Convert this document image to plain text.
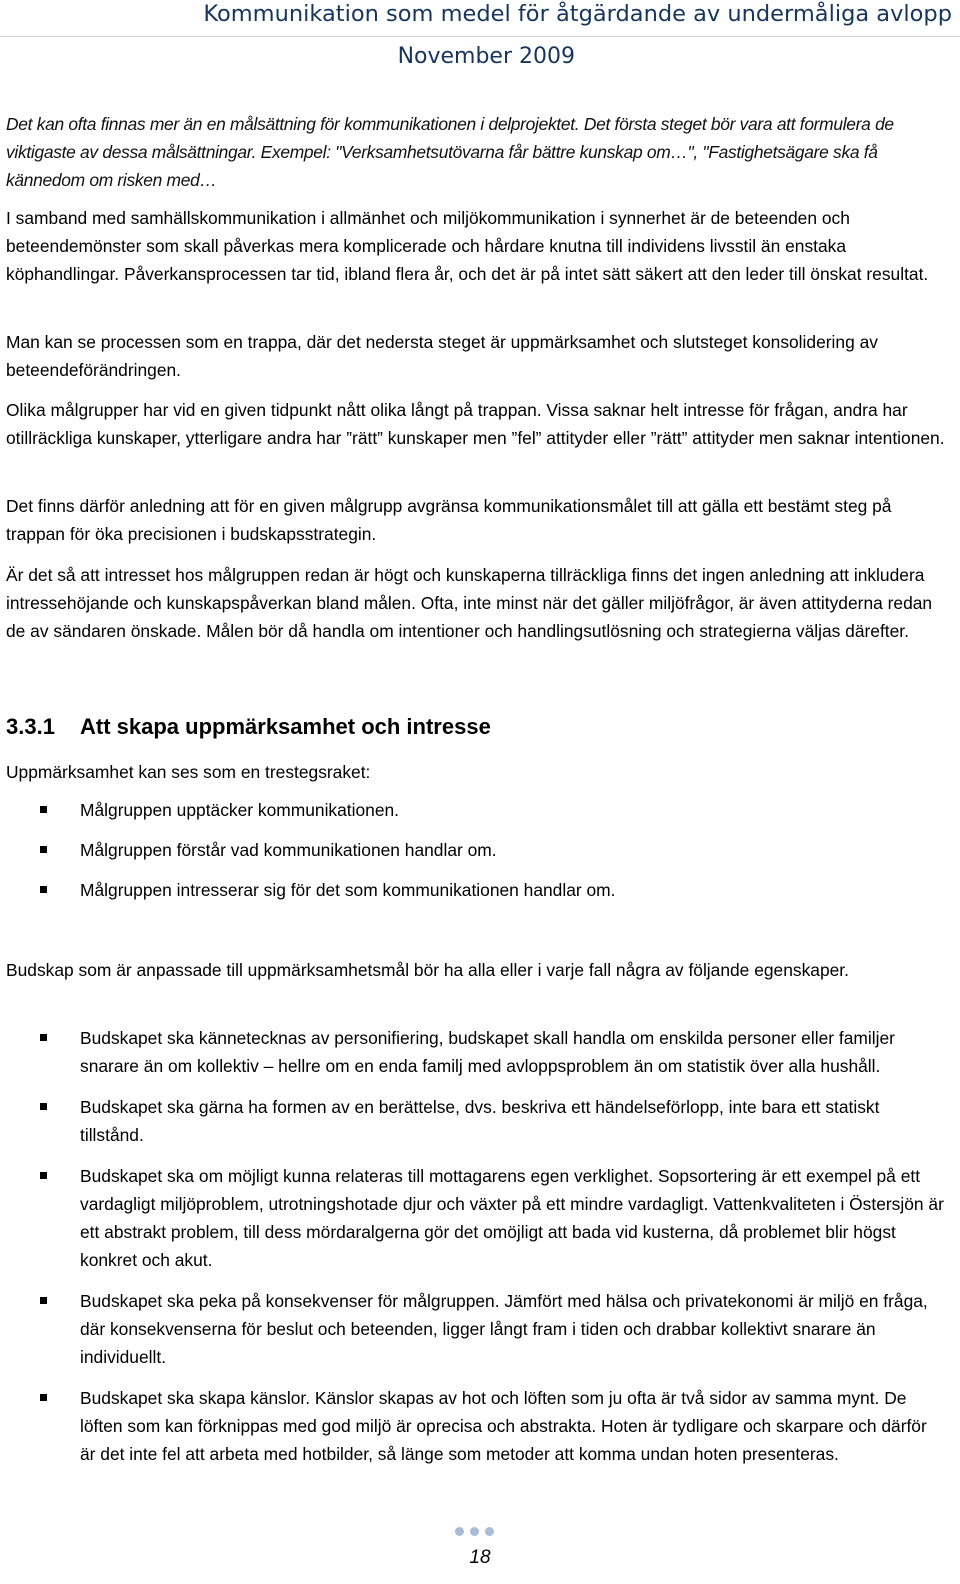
Kommunikation som medel för åtgärdande av undermåliga avlopp
November 2009

Det kan ofta finnas mer än en målsättning för kommunikationen i delprojektet. Det första steget bör vara att formulera de viktigaste av dessa målsättningar. Exempel: "Verksamhetsutövarna får bättre kunskap om…", "Fastighetsägare ska få kännedom om risken med…

I samband med samhällskommunikation i allmänhet och miljökommunikation i synnerhet är de beteenden och beteendemönster som skall påverkas mera komplicerade och hårdare knutna till individens livsstil än enstaka köphandlingar. Påverkansprocessen tar tid, ibland flera år, och det är på intet sätt säkert att den leder till önskat resultat.

Man kan se processen som en trappa, där det nedersta steget är uppmärksamhet och slutsteget konsolidering av beteendeförändringen.

Olika målgrupper har vid en given tidpunkt nått olika långt på trappan. Vissa saknar helt intresse för frågan, andra har otillräckliga kunskaper, ytterligare andra har ”rätt” kunskaper men ”fel” attityder eller ”rätt” attityder men saknar intentionen.

Det finns därför anledning att för en given målgrupp avgränsa kommunikationsmålet till att gälla ett bestämt steg på trappan för öka precisionen i budskapsstrategin.

Är det så att intresset hos målgruppen redan är högt och kunskaperna tillräckliga finns det ingen anledning att inkludera intressehöjande och kunskapspåverkan bland målen. Ofta, inte minst när det gäller miljöfrågor, är även attityderna redan de av sändaren önskade. Målen bör då handla om intentioner och handlingsutlösning och strategierna väljas därefter.

3.3.1 Att skapa uppmärksamhet och intresse

Uppmärksamhet kan ses som en trestegsraket:

Målgruppen upptäcker kommunikationen.
Målgruppen förstår vad kommunikationen handlar om.
Målgruppen intresserar sig för det som kommunikationen handlar om.

Budskap som är anpassade till uppmärksamhetsmål bör ha alla eller i varje fall några av följande egenskaper.

Budskapet ska kännetecknas av personifiering, budskapet skall handla om enskilda personer eller familjer snarare än om kollektiv – hellre om en enda familj med avloppsproblem än om statistik över alla hushåll.
Budskapet ska gärna ha formen av en berättelse, dvs. beskriva ett händelseförlopp, inte bara ett statiskt tillstånd.
Budskapet ska om möjligt kunna relateras till mottagarens egen verklighet. Sopsortering är ett exempel på ett vardagligt miljöproblem, utrotningshotade djur och växter på ett mindre vardagligt. Vattenkvaliteten i Östersjön är ett abstrakt problem, till dess mördaralgerna gör det omöjligt att bada vid kusterna, då problemet blir högst konkret och akut.
Budskapet ska peka på konsekvenser för målgruppen. Jämfört med hälsa och privatekonomi är miljö en fråga, där konsekvenserna för beslut och beteenden, ligger långt fram i tiden och drabbar kollektivt snarare än individuellt.
Budskapet ska skapa känslor. Känslor skapas av hot och löften som ju ofta är två sidor av samma mynt. De löften som kan förknippas med god miljö är oprecisa och abstrakta. Hoten är tydligare och skarpare och därför är det inte fel att arbeta med hotbilder, så länge som metoder att komma undan hoten presenteras.
18
